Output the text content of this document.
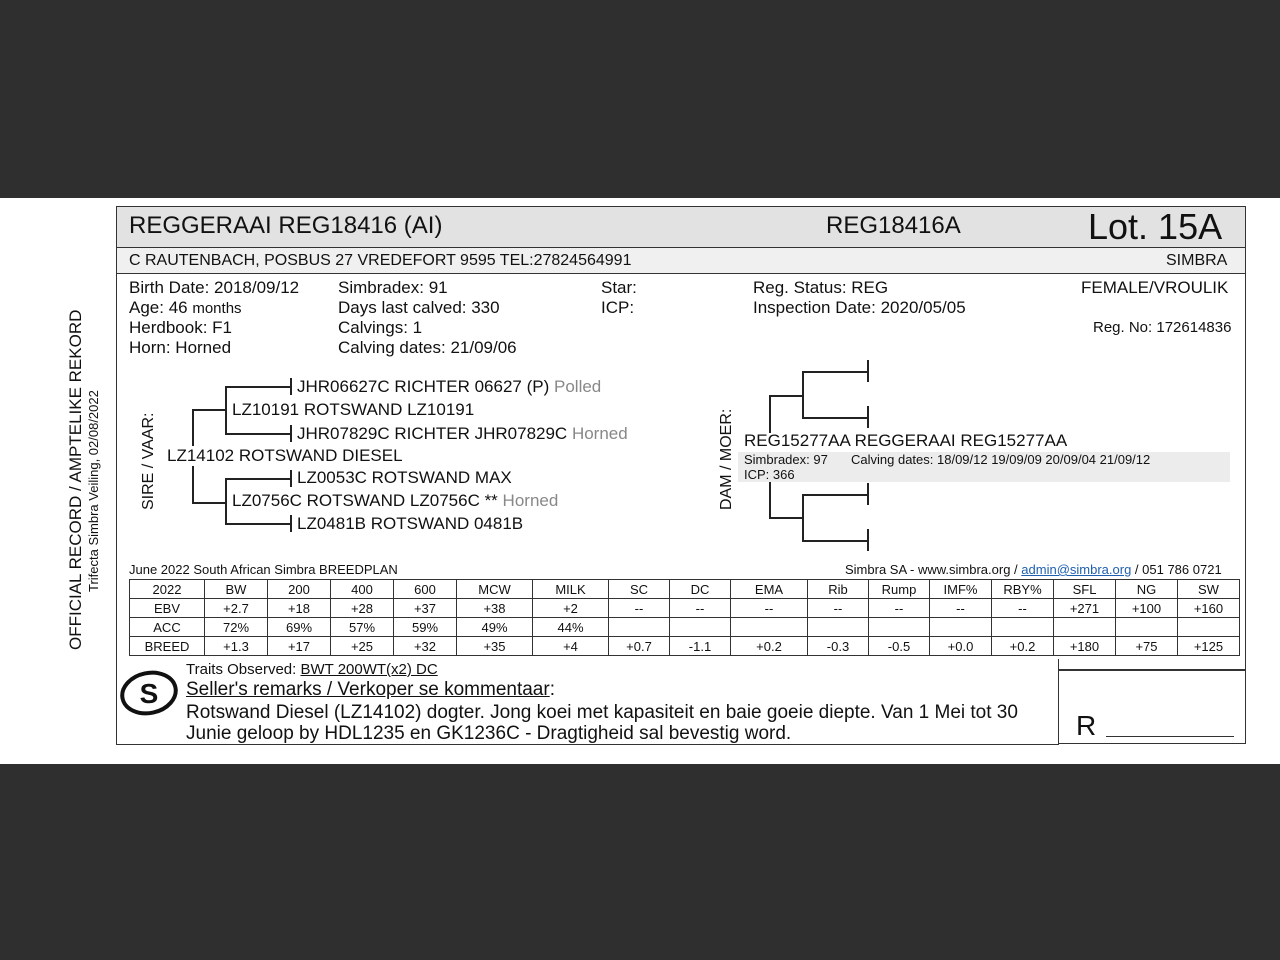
OFFICIAL RECORD / AMPTELIKE REKORD Trifecta Simbra Veiling, 02/08/2022
REGGERAAI REG18416 (AI)	REG18416A	Lot. 15A
C RAUTENBACH, POSBUS 27 VREDEFORT 9595 TEL:27824564991	SIMBRA
Birth Date: 2018/09/12
Age: 46 months
Herdbook: F1
Horn: Horned
Simbradex: 91
Days last calved: 330
Calvings: 1
Calving dates: 21/09/06
Star:
ICP:
Reg. Status: REG
Inspection Date: 2020/05/05
FEMALE/VROULIK
Reg. No: 172614836
SIRE / VAAR:
JHR06627C RICHTER 06627 (P) Polled
LZ10191 ROTSWAND LZ10191
JHR07829C RICHTER JHR07829C Horned
LZ14102 ROTSWAND DIESEL
LZ0053C ROTSWAND MAX
LZ0756C ROTSWAND LZ0756C ** Horned
LZ0481B ROTSWAND 0481B
DAM / MOER: REG15277AA REGGERAAI REG15277AA
Simbradex: 97 Calving dates: 18/09/12 19/09/09 20/09/04 21/09/12
ICP: 366
June 2022 South African Simbra BREEDPLAN	Simbra SA - www.simbra.org / admin@simbra.org / 051 786 0721
2022	BW	200	400	600	MCW	MILK	SC	DC	EMA	Rib	Rump	IMF%	RBY%	SFL	NG	SW
EBV	+2.7	+18	+28	+37	+38	+2	--	--	--	--	--	--	--	+271	+100	+160
ACC	72%	69%	57%	59%	49%	44%										
BREED	+1.3	+17	+25	+32	+35	+4	+0.7	-1.1	+0.2	-0.3	-0.5	+0.0	+0.2	+180	+75	+125
Traits Observed: BWT 200WT(x2) DC
Seller's remarks / Verkoper se kommentaar:
Rotswand Diesel (LZ14102) dogter. Jong koei met kapasiteit en baie goeie diepte. Van 1 Mei tot 30
Junie geloop by HDL1235 en GK1236C - Dragtigheid sal bevestig word.
S
R
